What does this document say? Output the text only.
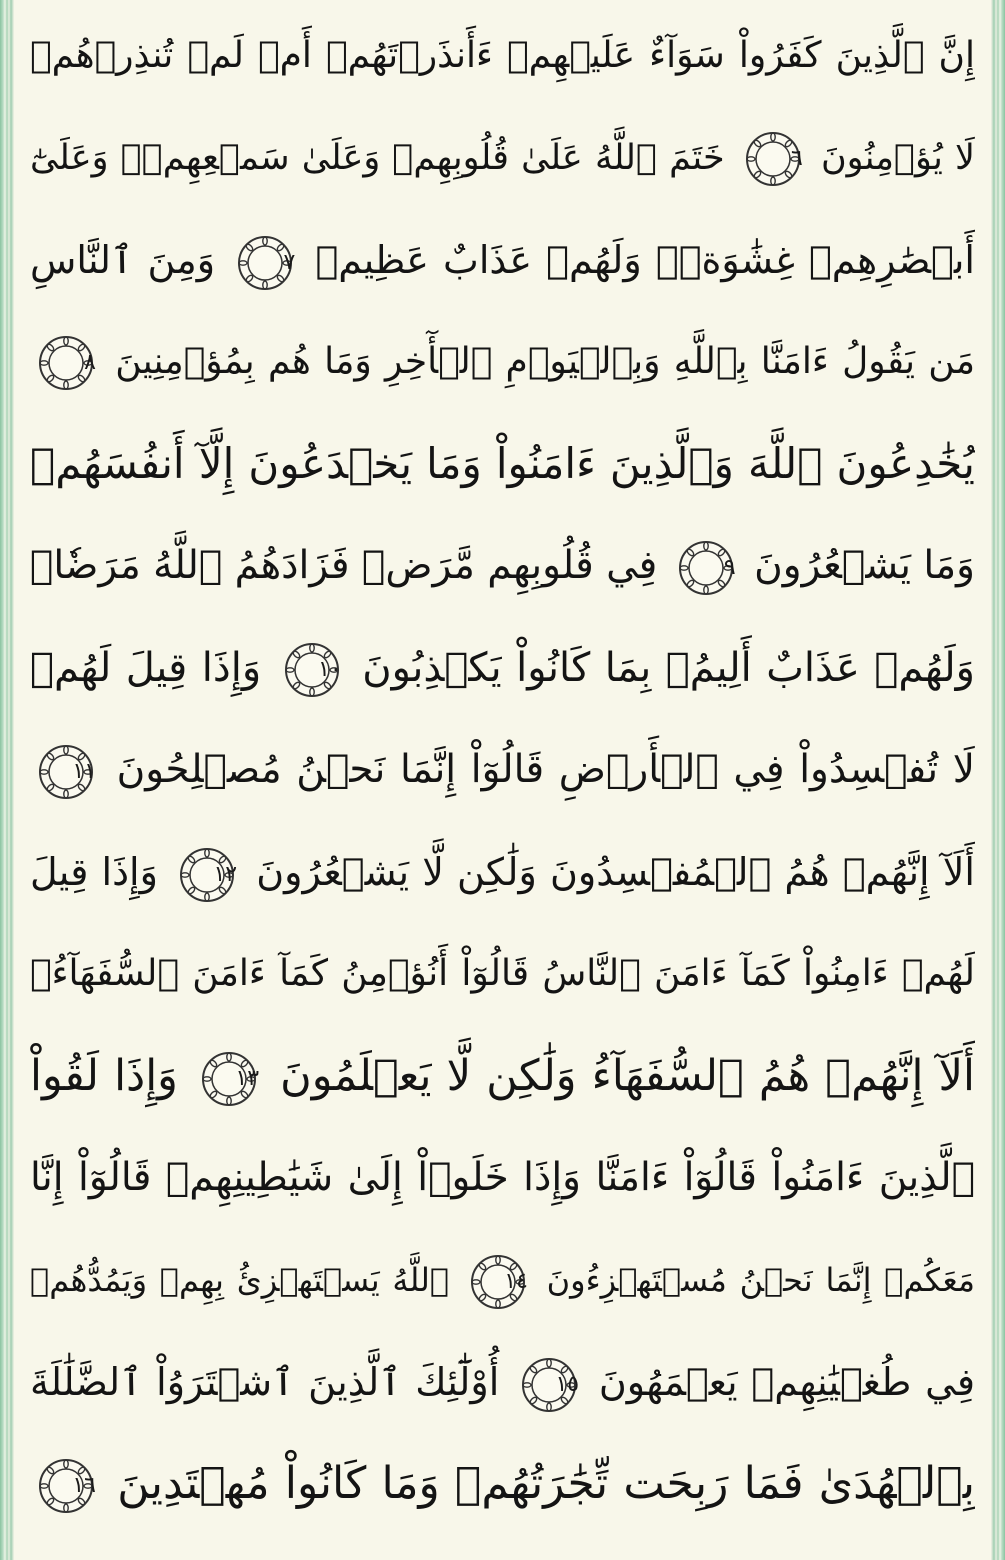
إِنَّ ٱلَّذِينَ كَفَرُواْ سَوَآءٌ عَلَيۡهِمۡ ءَأَنذَرۡتَهُمۡ أَمۡ لَمۡ تُنذِرۡهُمۡ
لَا يُؤۡمِنُونَ
٦
خَتَمَ ٱللَّهُ عَلَىٰ قُلُوبِهِمۡ وَعَلَىٰ سَمۡعِهِمۡۖ وَعَلَىٰٓ
أَبۡصَٰرِهِمۡ غِشَٰوَةٞۖ وَلَهُمۡ عَذَابٌ عَظِيمٞ
٧
وَمِنَ ٱلنَّاسِ
مَن يَقُولُ ءَامَنَّا بِٱللَّهِ وَبِٱلۡيَوۡمِ ٱلۡأٓخِرِ وَمَا هُم بِمُؤۡمِنِينَ
٨
يُخَٰدِعُونَ ٱللَّهَ وَٱلَّذِينَ ءَامَنُواْ وَمَا يَخۡدَعُونَ إِلَّآ أَنفُسَهُمۡ
وَمَا يَشۡعُرُونَ
٩
فِي قُلُوبِهِم مَّرَضٞ فَزَادَهُمُ ٱللَّهُ مَرَضٗاۖ
وَلَهُمۡ عَذَابٌ أَلِيمُۢ بِمَا كَانُواْ يَكۡذِبُونَ
١٠
وَإِذَا قِيلَ لَهُمۡ
لَا تُفۡسِدُواْ فِي ٱلۡأَرۡضِ قَالُوٓاْ إِنَّمَا نَحۡنُ مُصۡلِحُونَ
١١
أَلَآ إِنَّهُمۡ هُمُ ٱلۡمُفۡسِدُونَ وَلَٰكِن لَّا يَشۡعُرُونَ
١٢
وَإِذَا قِيلَ
لَهُمۡ ءَامِنُواْ كَمَآ ءَامَنَ ٱلنَّاسُ قَالُوٓاْ أَنُؤۡمِنُ كَمَآ ءَامَنَ ٱلسُّفَهَآءُۗ
أَلَآ إِنَّهُمۡ هُمُ ٱلسُّفَهَآءُ وَلَٰكِن لَّا يَعۡلَمُونَ
١٣
وَإِذَا لَقُواْ
ٱلَّذِينَ ءَامَنُواْ قَالُوٓاْ ءَامَنَّا وَإِذَا خَلَوۡاْ إِلَىٰ شَيَٰطِينِهِمۡ قَالُوٓاْ إِنَّا
مَعَكُمۡ إِنَّمَا نَحۡنُ مُسۡتَهۡزِءُونَ
١٤
ٱللَّهُ يَسۡتَهۡزِئُ بِهِمۡ وَيَمُدُّهُمۡ
فِي طُغۡيَٰنِهِمۡ يَعۡمَهُونَ
١٥
أُوْلَٰٓئِكَ ٱلَّذِينَ ٱشۡتَرَوُاْ ٱلضَّلَٰلَةَ
بِٱلۡهُدَىٰ فَمَا رَبِحَت تِّجَٰرَتُهُمۡ وَمَا كَانُواْ مُهۡتَدِينَ
١٦
